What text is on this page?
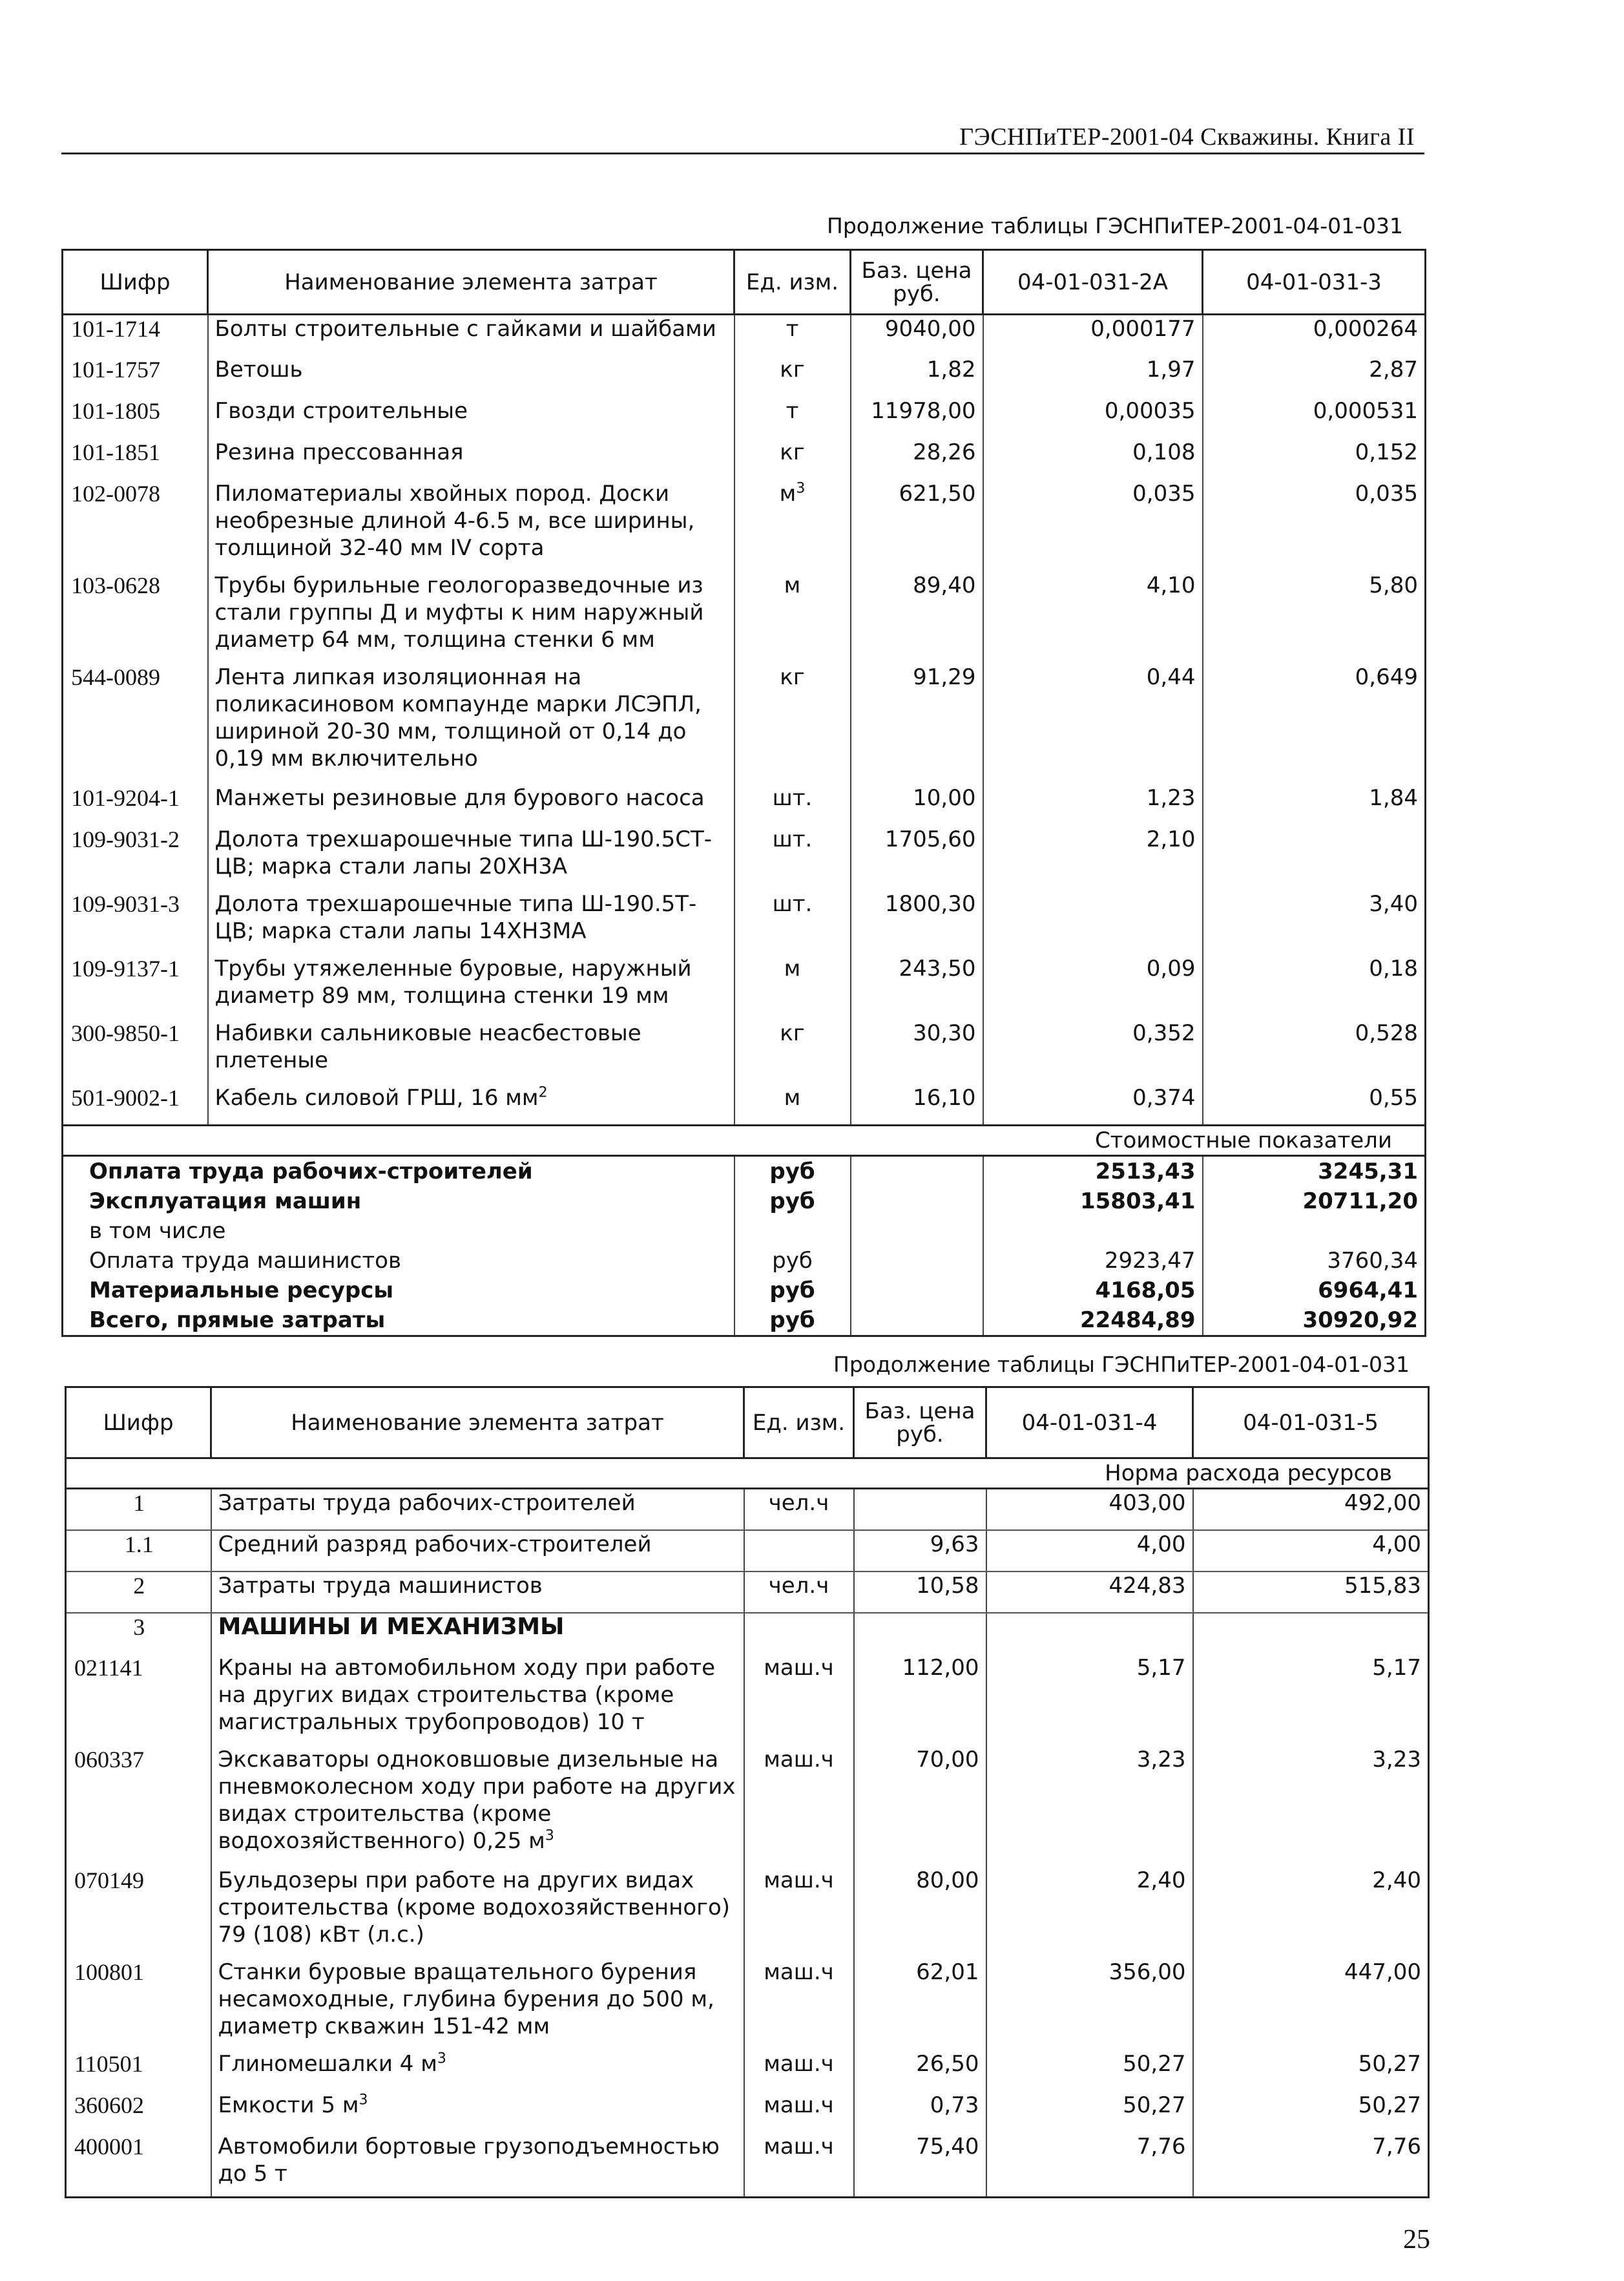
ГЭСНПиТЕР-2001-04 Скважины. Книга II
Продолжение таблицы ГЭСНПиТЕР-2001-04-01-031
Шифр	Наименование элемента затрат	Ед. изм.	Баз. цена руб.	04-01-031-2А	04-01-031-3
101-1714	Болты строительные с гайками и шайбами	т	9040,00	0,000177	0,000264
101-1757	Ветошь	кг	1,82	1,97	2,87
101-1805	Гвозди строительные	т	11978,00	0,00035	0,000531
101-1851	Резина прессованная	кг	28,26	0,108	0,152
102-0078	Пиломатериалы хвойных пород. Доски необрезные длиной 4-6.5 м, все ширины, толщиной 32-40 мм IV сорта	$м^3$	621,50	0,035	0,035
103-0628	Трубы бурильные геологоразведочные из стали группы Д и муфты к ним наружный диаметр 64 мм, толщина стенки 6 мм	м	89,40	4,10	5,80
544-0089	Лента липкая изоляционная на поликасиновом компаунде марки ЛСЭПЛ, шириной 20-30 мм, толщиной от 0,14 до 0,19 мм включительно	кг	91,29	0,44	0,649
101-9204-1	Манжеты резиновые для бурового насоса	шт.	10,00	1,23	1,84
109-9031-2	Долота трехшарошечные типа Ш-190.5СТ-ЦВ; марка стали лапы 20ХН3А	шт.	1705,60	2,10	
109-9031-3	Долота трехшарошечные типа Ш-190.5Т-ЦВ; марка стали лапы 14ХН3МА	шт.	1800,30		3,40
109-9137-1	Трубы утяжеленные буровые, наружный диаметр 89 мм, толщина стенки 19 мм	м	243,50	0,09	0,18
300-9850-1	Набивки сальниковые неасбестовые плетеные	кг	30,30	0,352	0,528
501-9002-1	Кабель силовой ГРШ, 16 $мм^2$	м	16,10	0,374	0,55
Стоимостные показатели					
Оплата труда рабочих-строителей		руб		2513,43	3245,31
Эксплуатация машин		руб		15803,41	20711,20
в том числе					
Оплата труда машинистов		руб		2923,47	3760,34
Материальные ресурсы		руб		4168,05	6964,41
Всего, прямые затраты		руб		22484,89	30920,92
Продолжение таблицы ГЭСНПиТЕР-2001-04-01-031
Шифр	Наименование элемента затрат	Ед. изм.	Баз. цена руб.	04-01-031-4	04-01-031-5
Норма расхода ресурсов					
1	Затраты труда рабочих-строителей	чел.ч		403,00	492,00
1.1	Средний разряд рабочих-строителей		9,63	4,00	4,00
2	Затраты труда машинистов	чел.ч	10,58	424,83	515,83
3	МАШИНЫ И МЕХАНИЗМЫ				
021141	Краны на автомобильном ходу при работе на других видах строительства (кроме магистральных трубопроводов) 10 т	маш.ч	112,00	5,17	5,17
060337	Экскаваторы одноковшовые дизельные на пневмоколесном ходу при работе на других видах строительства (кроме водохозяйственного) 0,25 $м^3$	маш.ч	70,00	3,23	3,23
070149	Бульдозеры при работе на других видах строительства (кроме водохозяйственного) 79 (108) кВт (л.с.)	маш.ч	80,00	2,40	2,40
100801	Станки буровые вращательного бурения несамоходные, глубина бурения до 500 м, диаметр скважин 151-42 мм	маш.ч	62,01	356,00	447,00
110501	Глиномешалки 4 $м^3$	маш.ч	26,50	50,27	50,27
360602	Емкости 5 $м^3$	маш.ч	0,73	50,27	50,27
400001	Автомобили бортовые грузоподъемностью до 5 т	маш.ч	75,40	7,76	7,76
25
